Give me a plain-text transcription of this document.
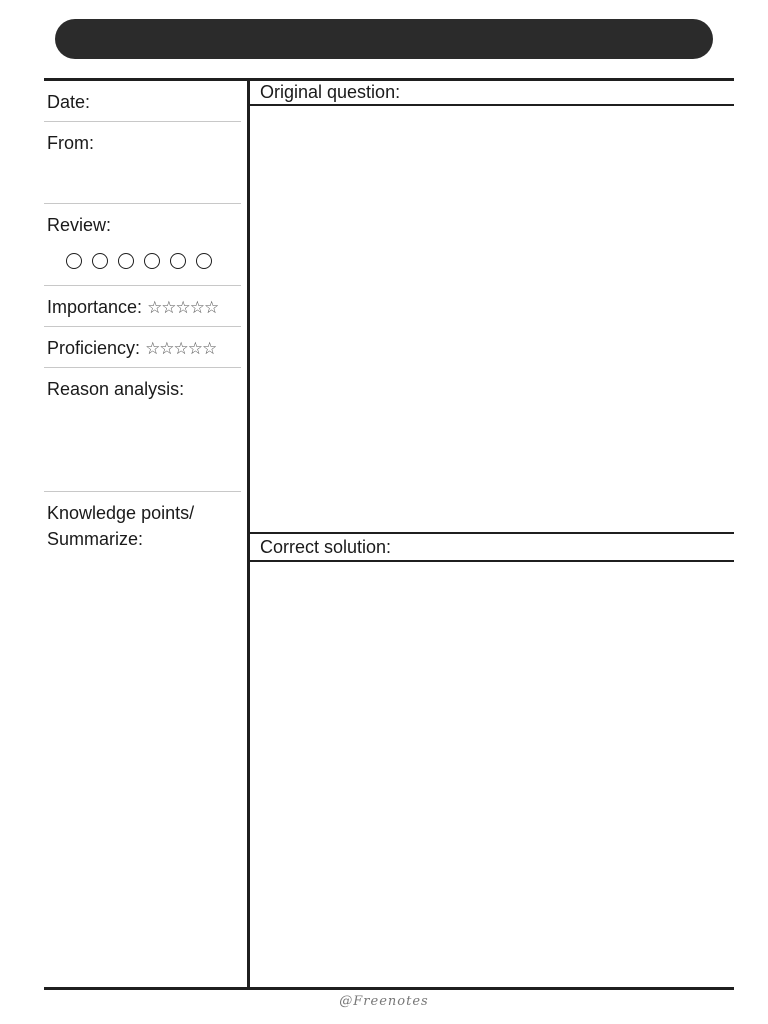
Date:
From:
Review:
Importance: ☆☆☆☆☆
Proficiency: ☆☆☆☆☆
Reason analysis:
Knowledge points/
Summarize:
Original question:
Correct solution:
@Freenotes
